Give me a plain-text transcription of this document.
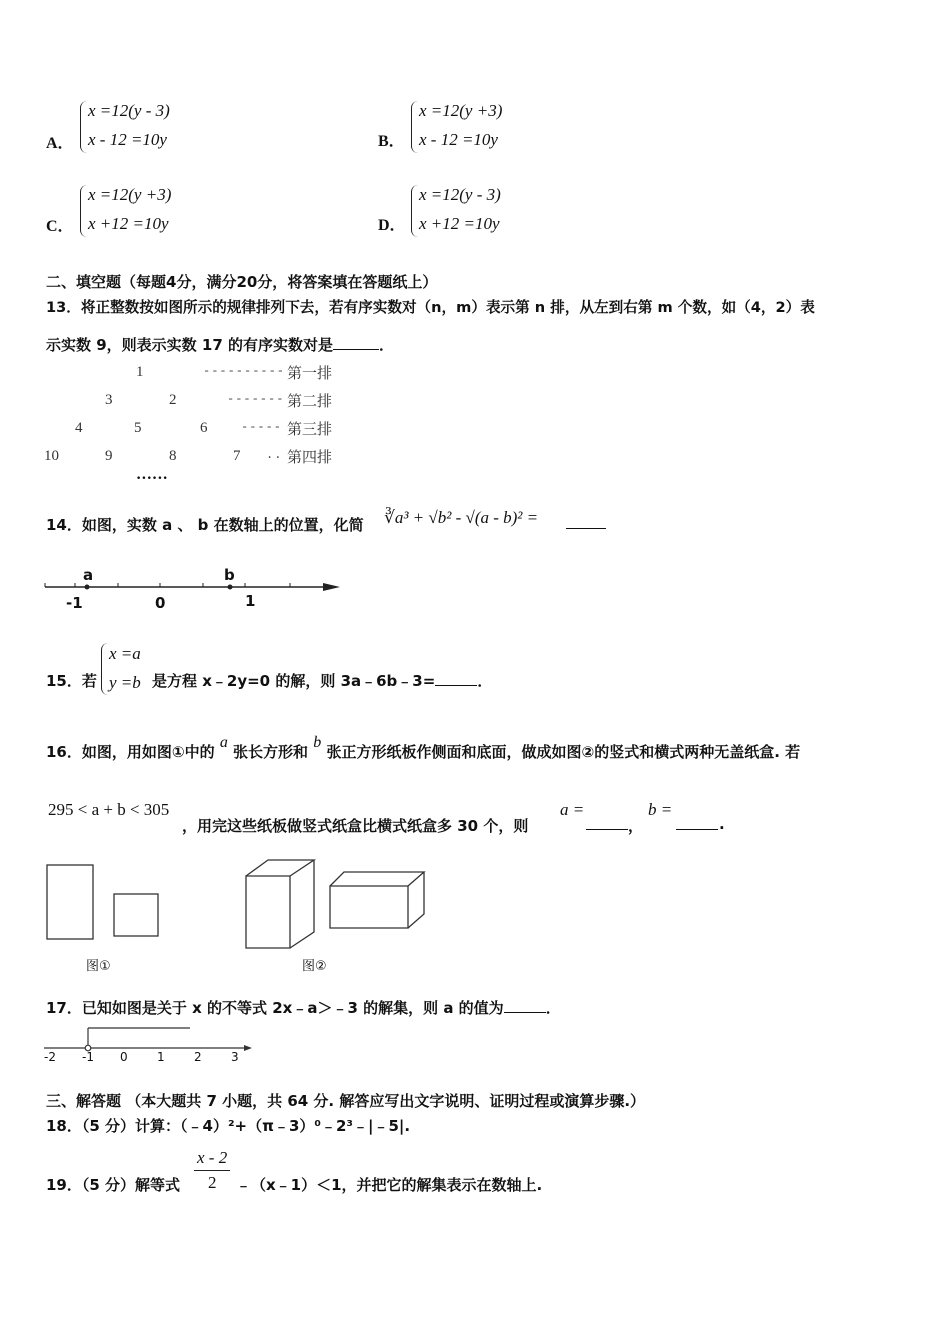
A．
x =12(y - 3)
x - 12 =10y	B．
x =12(y +3)
x - 12 =10y
C．
x =12(y +3)
x +12 =10y	D．
x =12(y - 3)
x +12 =10y
二、填空题（每题4分，满分20分，将答案填在答题纸上）
13．将正整数按如图所示的规律排列下去，若有序实数对（n，m）表示第 n 排，从左到右第 m 个数，如（4，2）表
示实数 9，则表示实数 17 的有序实数对是	．
1	---------- 第一排
3	2	------- 第二排
4	5	6	----- 第三排
10	9	8	7 .. 第四排
••••••
14．如图，实数 a 、 b 在数轴上的位置，化简 ∛a³ + √b² - √(a - b)² =
a	b
-1	0	1
15．若
x =a
y =b 是方程 x﹣2y=0 的解，则 3a﹣6b﹣3=	．
16．如图，用如图①中的 a 张长方形和 b 张正方形纸板作侧面和底面，做成如图②的竖式和横式两种无盖纸盒. 若
295 < a + b < 305
，用完这些纸板做竖式纸盒比横式纸盒多 30 个，则
a =
，
b =
.
图①	图②
17．已知如图是关于 x 的不等式 2x﹣a＞﹣3 的解集，则 a 的值为	．
-2 -1 0 1 2 3
三、解答题 （本大题共 7 小题，共 64 分. 解答应写出文字说明、证明过程或演算步骤.）
18．（5 分）计算：（﹣4）²+（π﹣3）⁰﹣2³﹣|﹣5|.
19．（5 分）解等式
x - 2
2 ﹣（x﹣1）＜1，并把它的解集表示在数轴上.
